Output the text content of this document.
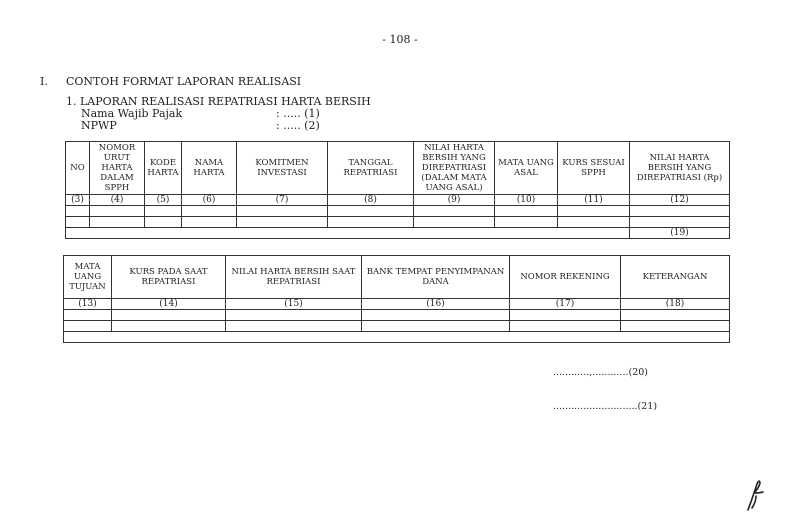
- 108 -
I. CONTOH FORMAT LAPORAN REALISASI
1. LAPORAN REALISASI REPATRIASI HARTA BERSIH
Nama Wajib Pajak	: ..... (1)
NPWP	: ..... (2)
NO	NOMOR URUT HARTA DALAM SPPH	KODE HARTA	NAMA HARTA	KOMITMEN INVESTASI	TANGGAL REPATRIASI	NILAI HARTA BERSIH YANG DIREPATRIASI (DALAM MATA UANG ASAL)	MATA UANG ASAL	KURS SESUAI SPPH	NILAI HARTA BERSIH YANG DIREPATRIASI (Rp)
(3)	(4)	(5)	(6)	(7)	(8)	(9)	(10)	(11)	(12)

									(19)
MATA UANG TUJUAN	KURS PADA SAAT REPATRIASI	NILAI HARTA BERSIH SAAT REPATRIASI	BANK TEMPAT PENYIMPANAN DANA	NOMOR REKENING	KETERANGAN
(13)	(14)	(15)	(16)	(17)	(18)

............,............(20)
............................(21)
